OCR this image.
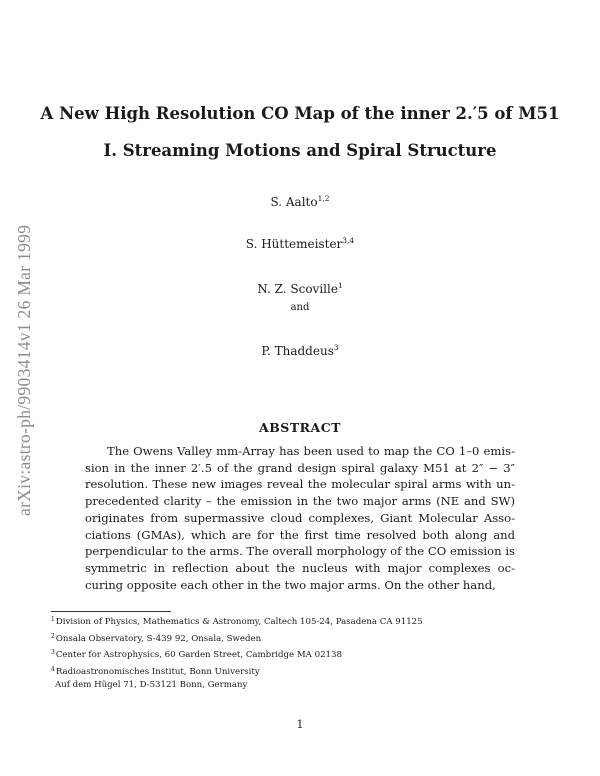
arXiv:astro-ph/9903414v1 26 Mar 1999
A New High Resolution CO Map of the inner 2.′5 of M51
I. Streaming Motions and Spiral Structure
S. Aalto$^{1,2}$
S. Hüttemeister$^{3,4}$
N. Z. Scoville$^1$
and
P. Thaddeus$^3$
ABSTRACT

The Owens Valley mm-Array has been used to map the CO 1–0 emission in the inner 2′.5 of the grand design spiral galaxy M51 at 2″ − 3″ resolution. These new images reveal the molecular spiral arms with unprecedented clarity – the emission in the two major arms (NE and SW) originates from supermassive cloud complexes, Giant Molecular Associations (GMAs), which are for the first time resolved both along and perpendicular to the arms. The overall morphology of the CO emission is symmetric in reflection about the nucleus with major complexes occuring opposite each other in the two major arms. On the other hand,

$^1$Division of Physics, Mathematics & Astronomy, Caltech 105-24, Pasadena CA 91125
$^2$Onsala Observatory, S-439 92, Onsala, Sweden
$^3$Center for Astrophysics, 60 Garden Street, Cambridge MA 02138
$^4$Radioastronomisches Institut, Bonn University
Auf dem Hügel 71, D-53121 Bonn, Germany
1
